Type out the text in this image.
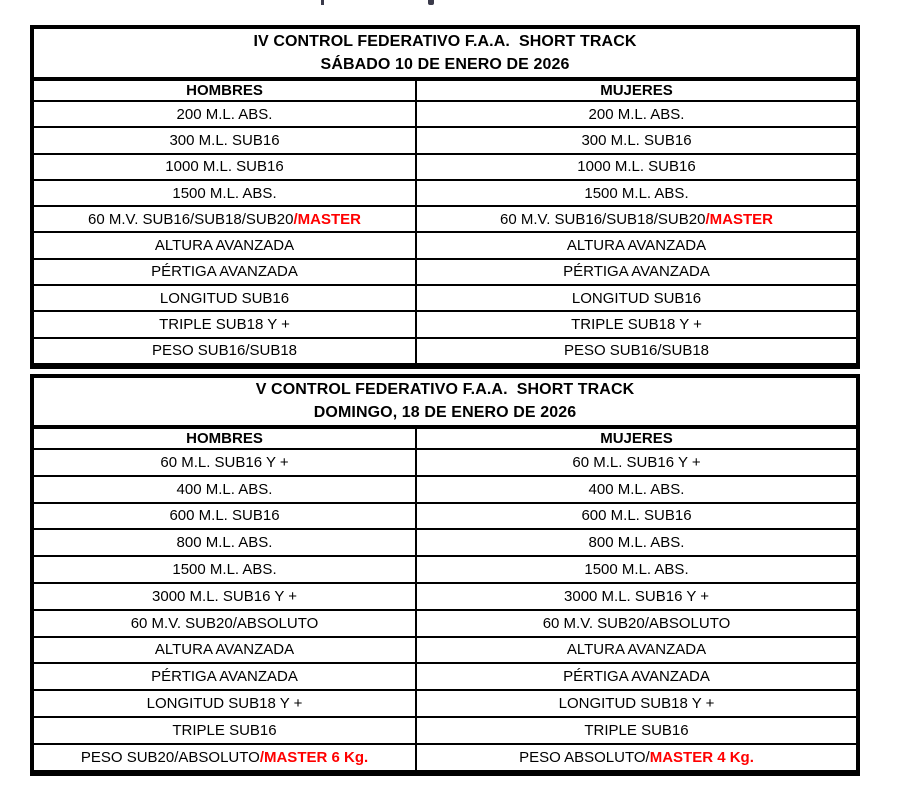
IV CONTROL FEDERATIVO F.A.A.  SHORT TRACK
SÁBADO 10 DE ENERO DE 2026
HOMBRES	MUJERES
200 M.L. ABS.	200 M.L. ABS.
300 M.L. SUB16	300 M.L. SUB16
1000 M.L. SUB16	1000 M.L. SUB16
1500 M.L. ABS.	1500 M.L. ABS.
60 M.V. SUB16/SUB18/SUB20 /MASTER	60 M.V. SUB16/SUB18/SUB20 /MASTER
ALTURA AVANZADA	ALTURA AVANZADA
PÉRTIGA AVANZADA	PÉRTIGA AVANZADA
LONGITUD SUB16	LONGITUD SUB16
TRIPLE SUB18 Y +	TRIPLE SUB18 Y +
PESO SUB16/SUB18	PESO SUB16/SUB18
V CONTROL FEDERATIVO F.A.A.  SHORT TRACK
DOMINGO, 18 DE ENERO DE 2026
HOMBRES	MUJERES
60 M.L. SUB16 Y +	60 M.L. SUB16 Y +
400 M.L. ABS.	400 M.L. ABS.
600 M.L. SUB16	600 M.L. SUB16
800 M.L. ABS.	800 M.L. ABS.
1500 M.L. ABS.	1500 M.L. ABS.
3000 M.L. SUB16 Y +	3000 M.L. SUB16 Y +
60 M.V. SUB20/ABSOLUTO	60 M.V. SUB20/ABSOLUTO
ALTURA AVANZADA	ALTURA AVANZADA
PÉRTIGA AVANZADA	PÉRTIGA AVANZADA
LONGITUD SUB18 Y +	LONGITUD SUB18 Y +
TRIPLE SUB16	TRIPLE SUB16
PESO SUB20/ABSOLUTO /MASTER 6 Kg.	PESO ABSOLUTO/ MASTER 4 Kg.
